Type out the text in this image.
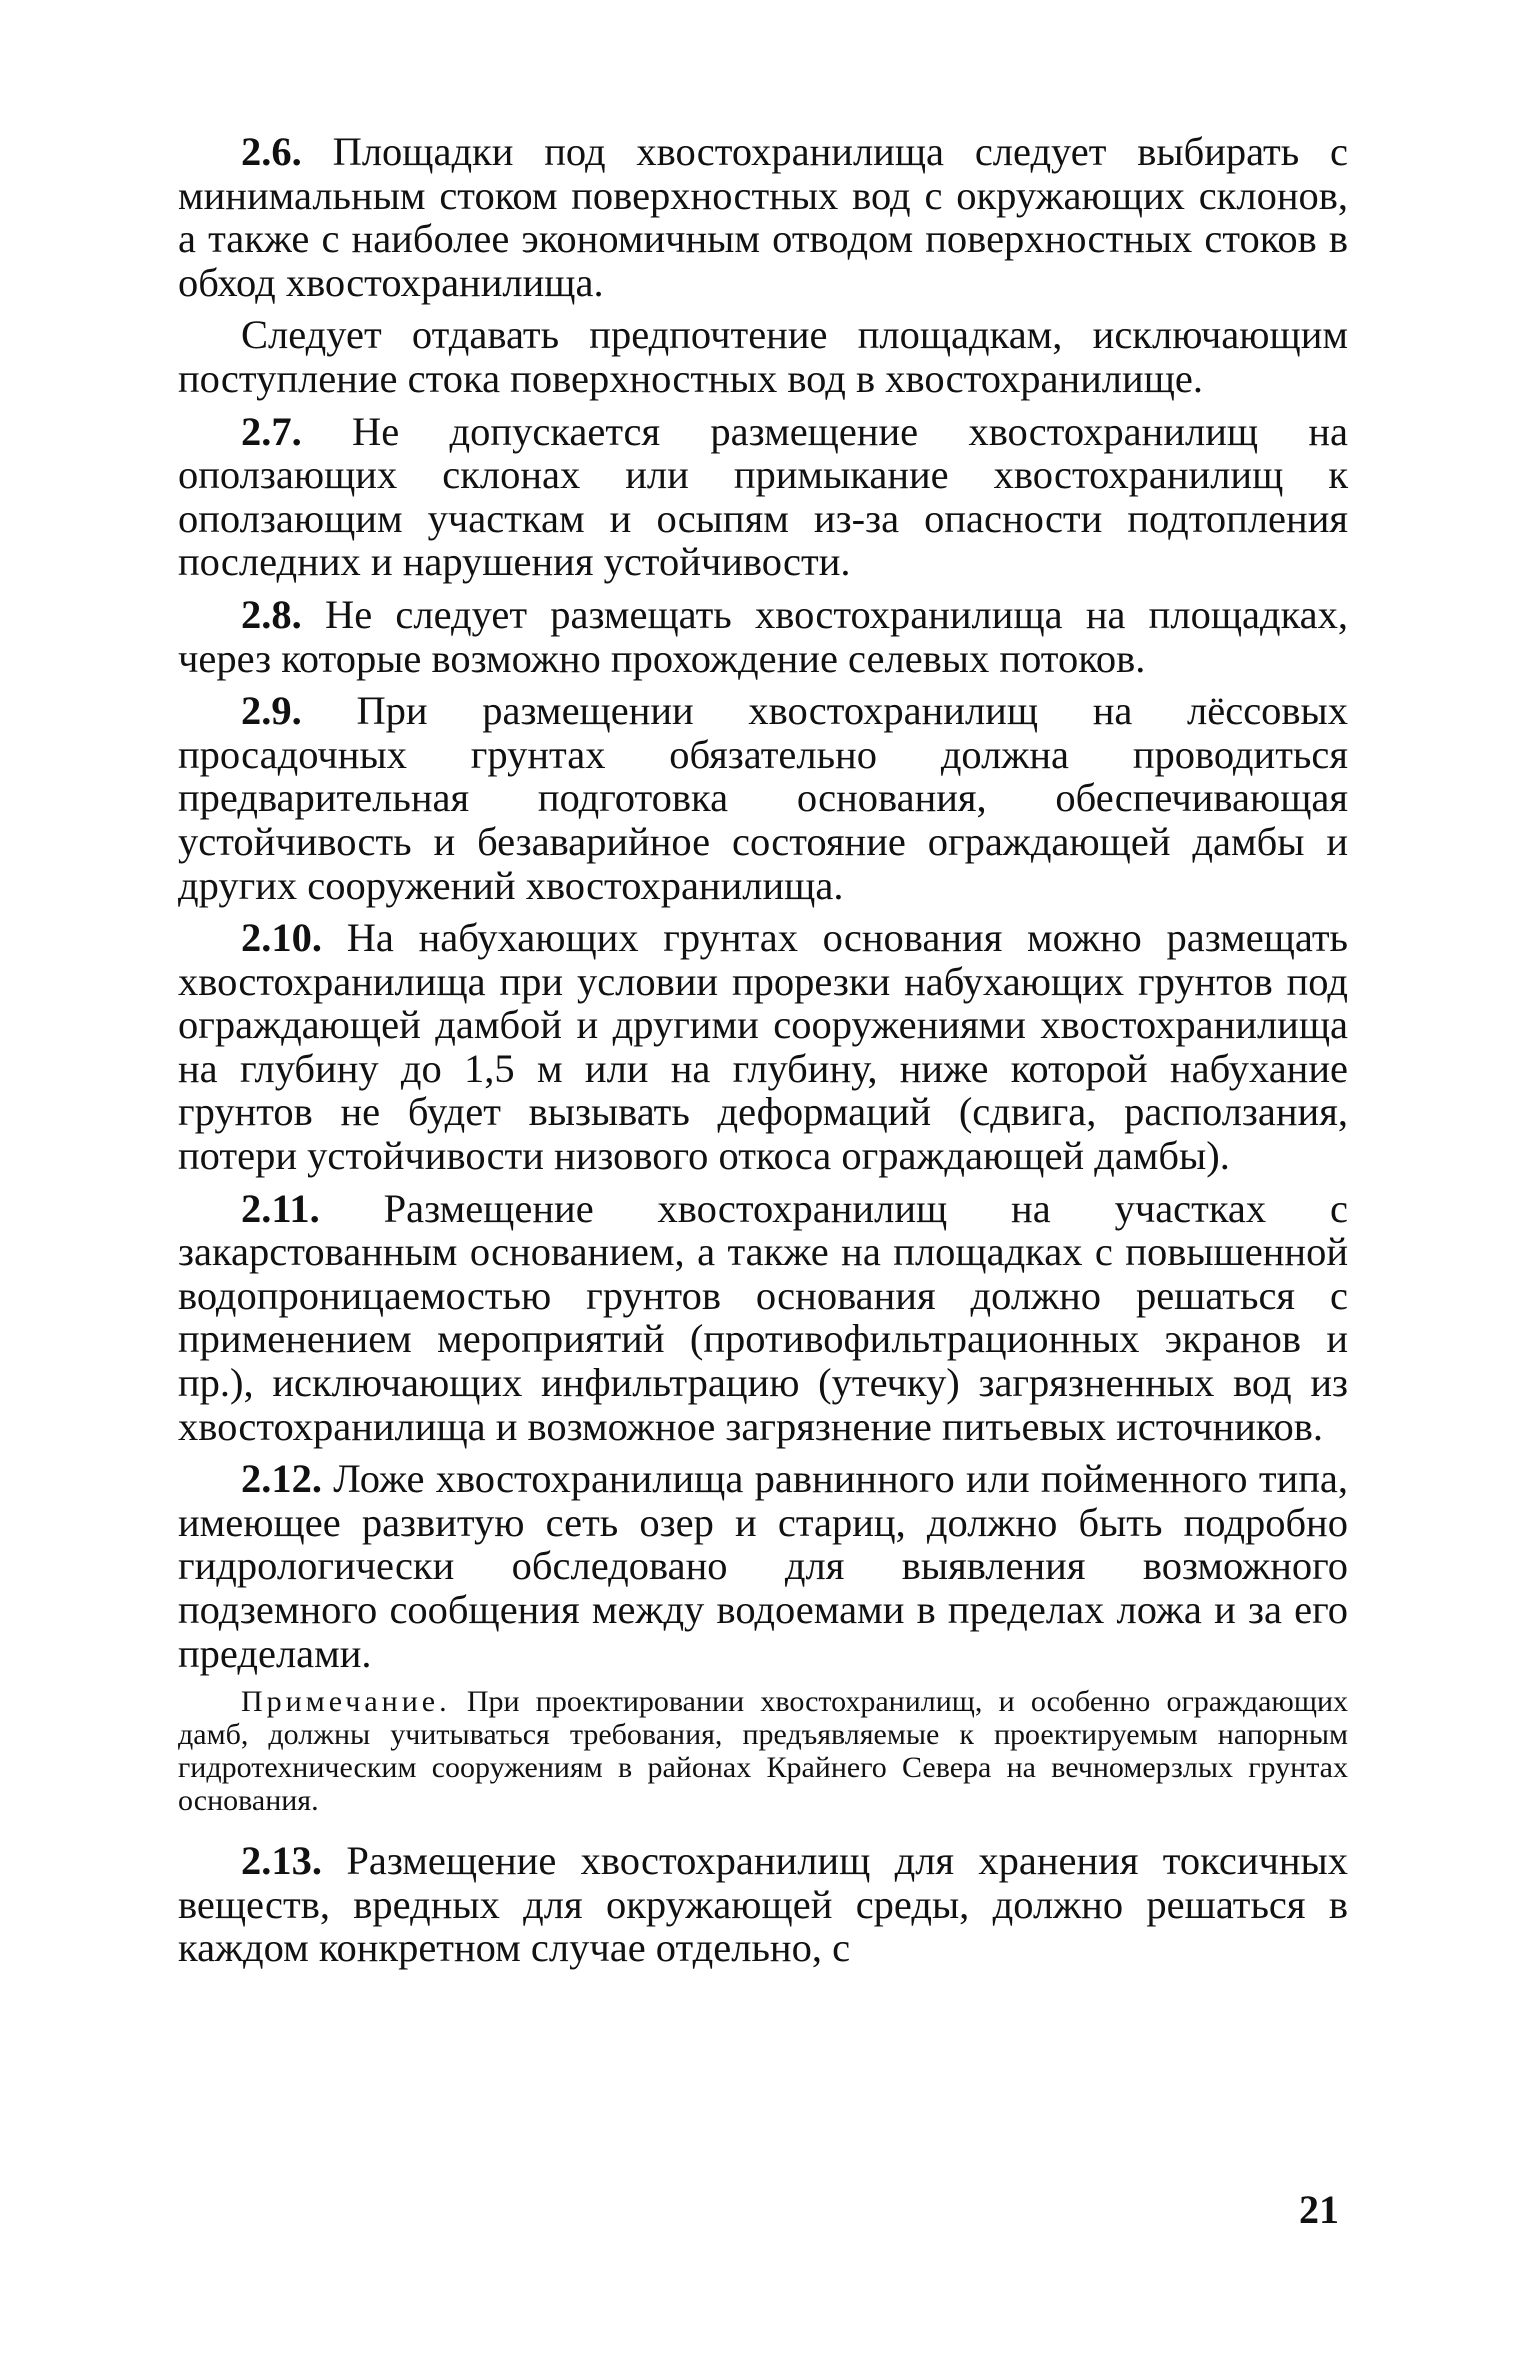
2.6. Площадки под хвостохранилища следует выбирать с минимальным стоком поверхностных вод с окружающих склонов, а также с наиболее экономичным отводом поверхностных стоков в обход хвостохранилища.

Следует отдавать предпочтение площадкам, исключающим поступление стока поверхностных вод в хвостохранилище.

2.7. Не допускается размещение хвостохранилищ на оползающих склонах или примыкание хвостохранилищ к оползающим участкам и осыпям из-за опасности подтопления последних и нарушения устойчивости.

2.8. Не следует размещать хвостохранилища на площадках, через которые возможно прохождение селевых потоков.

2.9. При размещении хвостохранилищ на лёссовых просадочных грунтах обязательно должна проводиться предварительная подготовка основания, обеспечивающая устойчивость и безаварийное состояние ограждающей дамбы и других сооружений хвостохранилища.

2.10. На набухающих грунтах основания можно размещать хвостохранилища при условии прорезки набухающих грунтов под ограждающей дамбой и другими сооружениями хвостохранилища на глубину до 1,5 м или на глубину, ниже которой набухание грунтов не будет вызывать деформаций (сдвига, расползания, потери устойчивости низового откоса ограждающей дамбы).

2.11. Размещение хвостохранилищ на участках с закарстованным основанием, а также на площадках с повышенной водопроницаемостью грунтов основания должно решаться с применением мероприятий (противофильтрационных экранов и пр.), исключающих инфильтрацию (утечку) загрязненных вод из хвостохранилища и возможное загрязнение питьевых источников.

2.12. Ложе хвостохранилища равнинного или пойменного типа, имеющее развитую сеть озер и стариц, должно быть подробно гидрологически обследовано для выявления возможного подземного сообщения между водоемами в пределах ложа и за его пределами.

Примечание. При проектировании хвостохранилищ, и особенно ограждающих дамб, должны учитываться требования, предъявляемые к проектируемым напорным гидротехническим сооружениям в районах Крайнего Севера на вечномерзлых грунтах основания.

2.13. Размещение хвостохранилищ для хранения токсичных веществ, вредных для окружающей среды, должно решаться в каждом конкретном случае отдельно, с

21
